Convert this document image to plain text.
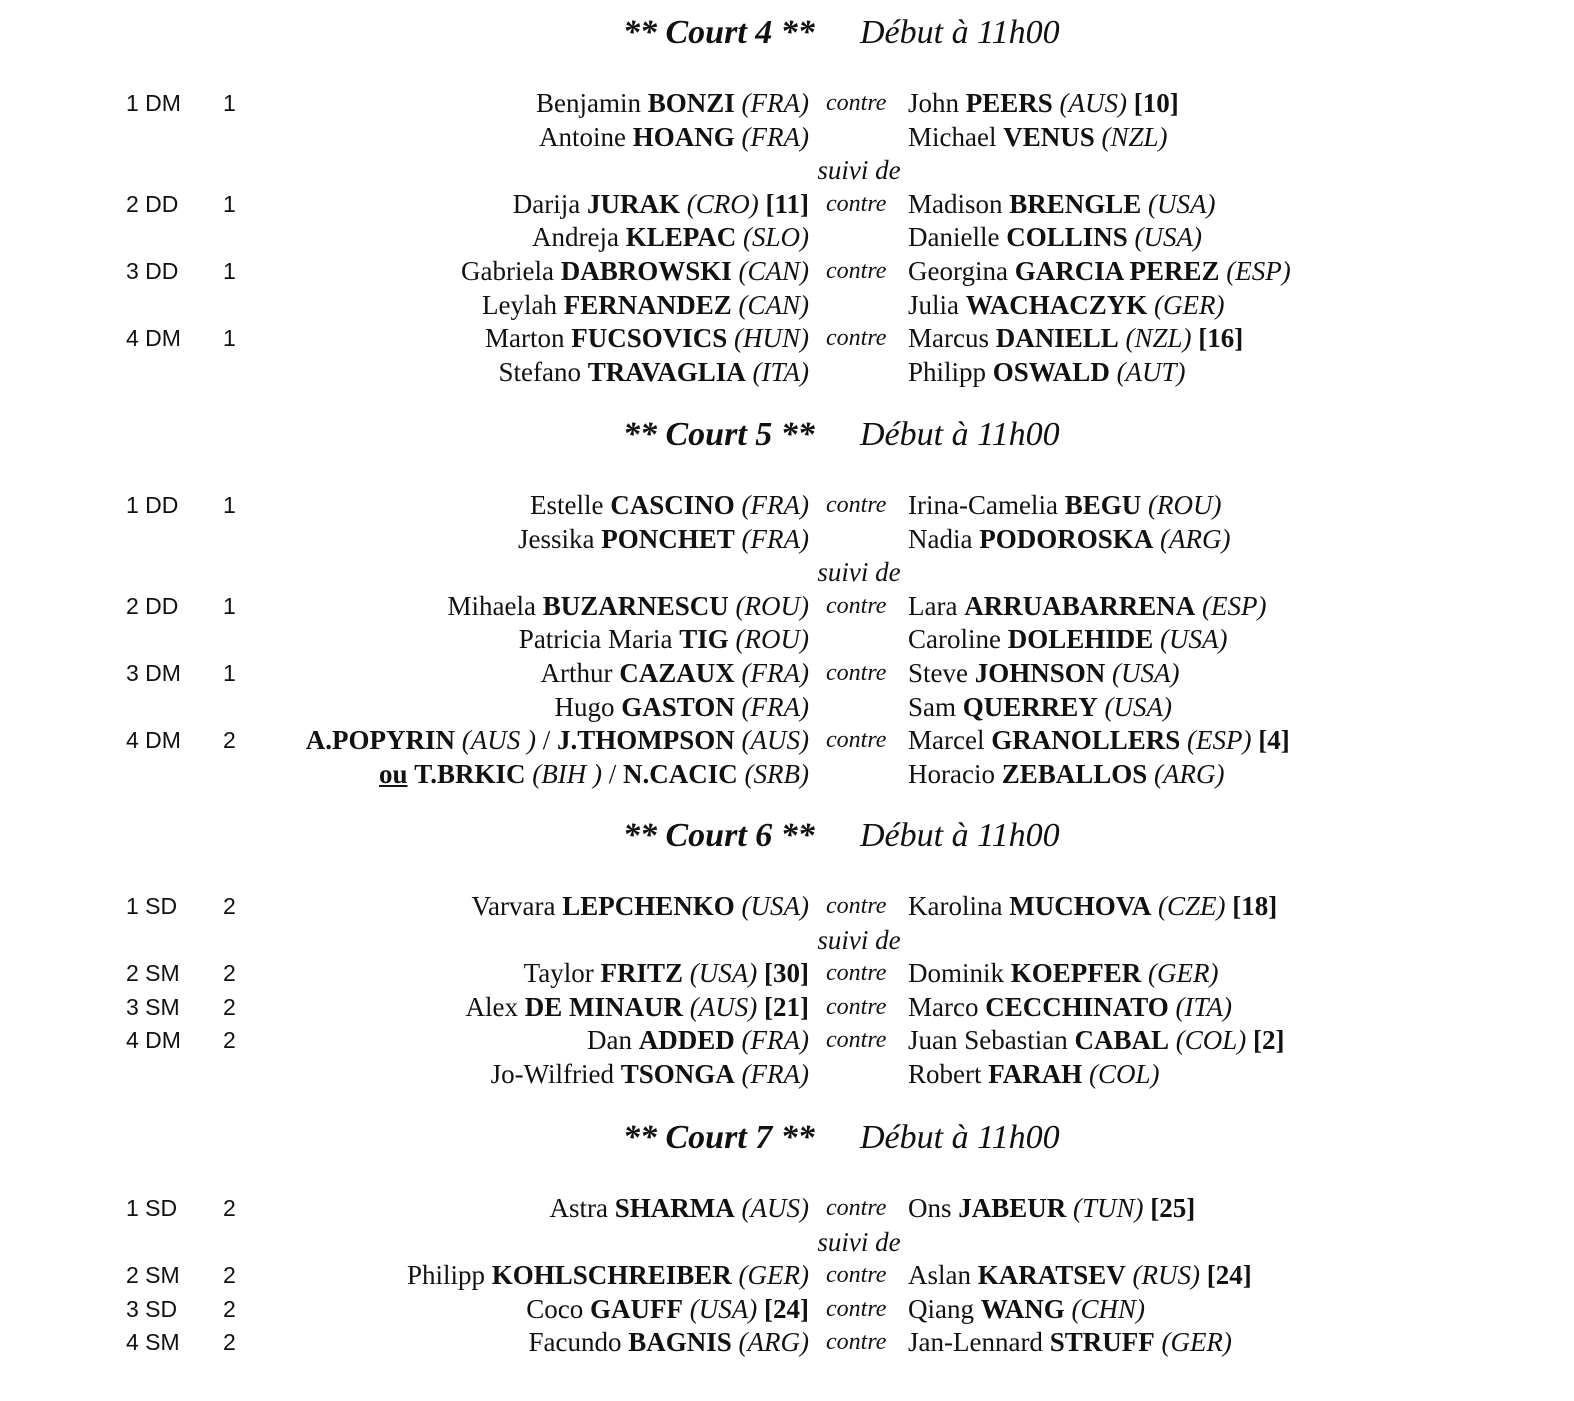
** Court 4 ** Début à 11h00
1 DM 1	Benjamin BONZI (FRA) contre John PEERS (AUS) [10]
Antoine HOANG (FRA)	Michael VENUS (NZL)
suivi de
2 DD 1	Darija JURAK (CRO) [11] contre Madison BRENGLE (USA)
Andreja KLEPAC (SLO)	Danielle COLLINS (USA)
3 DD 1	Gabriela DABROWSKI (CAN) contre Georgina GARCIA PEREZ (ESP)
Leylah FERNANDEZ (CAN)	Julia WACHACZYK (GER)
4 DM 1	Marton FUCSOVICS (HUN) contre Marcus DANIELL (NZL) [16]
Stefano TRAVAGLIA (ITA)	Philipp OSWALD (AUT)
** Court 5 ** Début à 11h00
1 DD 1	Estelle CASCINO (FRA) contre Irina-Camelia BEGU (ROU)
Jessika PONCHET (FRA)	Nadia PODOROSKA (ARG)
suivi de
2 DD 1	Mihaela BUZARNESCU (ROU) contre Lara ARRUABARRENA (ESP)
Patricia Maria TIG (ROU)	Caroline DOLEHIDE (USA)
3 DM 1	Arthur CAZAUX (FRA) contre Steve JOHNSON (USA)
Hugo GASTON (FRA)	Sam QUERREY (USA)
4 DM 2	A.POPYRIN (AUS ) / J.THOMPSON (AUS) contre Marcel GRANOLLERS (ESP) [4]
ou T.BRKIC (BIH ) / N.CACIC (SRB)	Horacio ZEBALLOS (ARG)
** Court 6 ** Début à 11h00
1 SD 2	Varvara LEPCHENKO (USA) contre Karolina MUCHOVA (CZE) [18]
suivi de
2 SM 2	Taylor FRITZ (USA) [30] contre Dominik KOEPFER (GER)
3 SM 2	Alex DE MINAUR (AUS) [21] contre Marco CECCHINATO (ITA)
4 DM 2	Dan ADDED (FRA) contre Juan Sebastian CABAL (COL) [2]
Jo-Wilfried TSONGA (FRA)	Robert FARAH (COL)
** Court 7 ** Début à 11h00
1 SD 2	Astra SHARMA (AUS) contre Ons JABEUR (TUN) [25]
suivi de
2 SM 2	Philipp KOHLSCHREIBER (GER) contre Aslan KARATSEV (RUS) [24]
3 SD 2	Coco GAUFF (USA) [24] contre Qiang WANG (CHN)
4 SM 2	Facundo BAGNIS (ARG) contre Jan-Lennard STRUFF (GER)
